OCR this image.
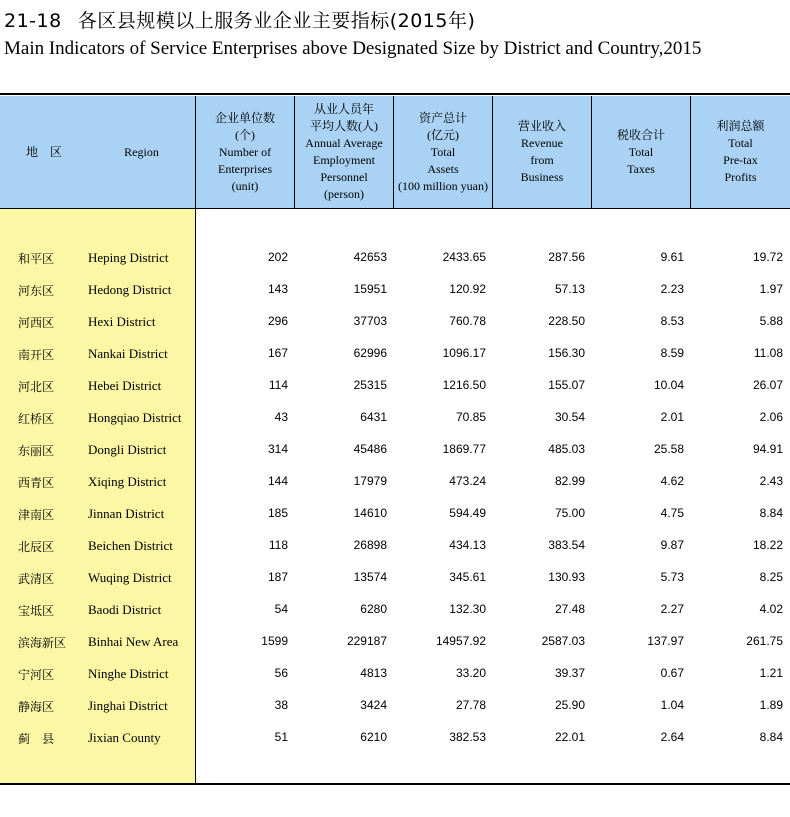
21-18 各区县规模以上服务业企业主要指标(2015年)
Main Indicators of Service Enterprises above Designated Size by District and Country,2015
地　区	Region
企业单位数
(个)
Number of
Enterprises
(unit)
从业人员年
平均人数(人)
Annual Average
Employment
Personnel
(person)
资产总计
(亿元)
Total
Assets
(100 million yuan)
营业收入
Revenue
from
Business
税收合计
Total
Taxes
利润总额
Total
Pre-tax
Profits
和平区	Heping District	202	42653	2433.65	287.56	9.61	19.72
河东区	Hedong District	143	15951	120.92	57.13	2.23	1.97
河西区	Hexi District	296	37703	760.78	228.50	8.53	5.88
南开区	Nankai District	167	62996	1096.17	156.30	8.59	11.08
河北区	Hebei District	114	25315	1216.50	155.07	10.04	26.07
红桥区	Hongqiao District	43	6431	70.85	30.54	2.01	2.06
东丽区	Dongli District	314	45486	1869.77	485.03	25.58	94.91
西青区	Xiqing District	144	17979	473.24	82.99	4.62	2.43
津南区	Jinnan District	185	14610	594.49	75.00	4.75	8.84
北辰区	Beichen District	118	26898	434.13	383.54	9.87	18.22
武清区	Wuqing District	187	13574	345.61	130.93	5.73	8.25
宝坻区	Baodi District	54	6280	132.30	27.48	2.27	4.02
滨海新区 Binhai New Area	1599	229187	14957.92	2587.03	137.97	261.75
宁河区	Ninghe District	56	4813	33.20	39.37	0.67	1.21
静海区	Jinghai District	38	3424	27.78	25.90	1.04	1.89
蓟　县	Jixian County	51	6210	382.53	22.01	2.64	8.84
